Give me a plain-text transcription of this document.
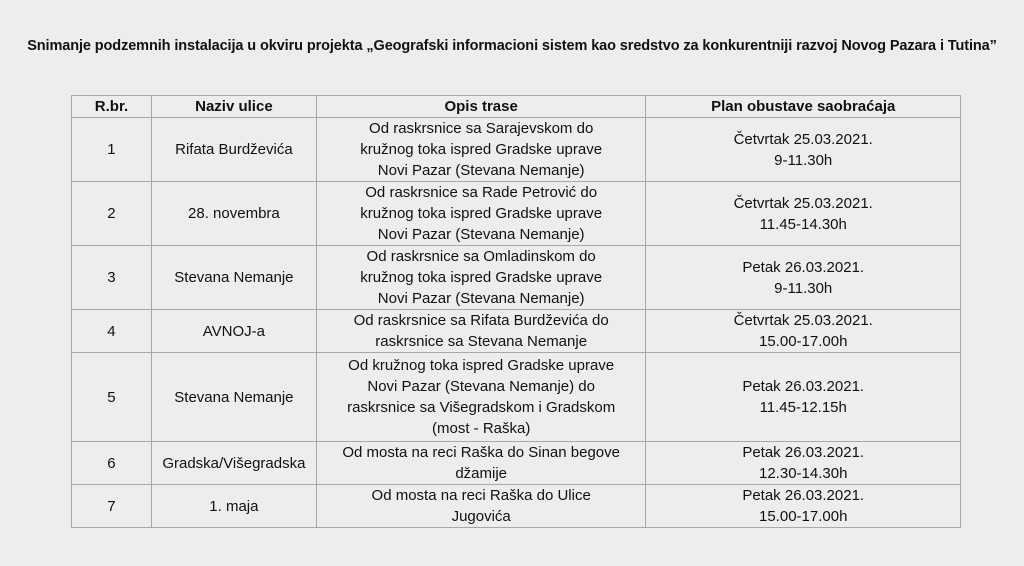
Snimanje podzemnih instalacija u okviru projekta „Geografski informacioni sistem kao sredstvo za konkurentniji razvoj Novog Pazara i Tutina”
R.br.	Naziv ulice	Opis trase	Plan obustave saobraćaja
1	Rifata Burdževića	Od raskrsnice sa Sarajevskom do
kružnog toka ispred Gradske uprave
Novi Pazar (Stevana Nemanje)	Četvrtak 25.03.2021.
9-11.30h

2	28. novembra	Od raskrsnice sa Rade Petrović do
kružnog toka ispred Gradske uprave
Novi Pazar (Stevana Nemanje)	Četvrtak 25.03.2021.
11.45-14.30h

3	Stevana Nemanje	Od raskrsnice sa Omladinskom do
kružnog toka ispred Gradske uprave
Novi Pazar (Stevana Nemanje)	Petak 26.03.2021.
9-11.30h

4	AVNOJ-a	Od raskrsnice sa Rifata Burdževića do
raskrsnice sa Stevana Nemanje	Četvrtak 25.03.2021.
15.00-17.00h

5	Stevana Nemanje	Od kružnog toka ispred Gradske uprave
Novi Pazar (Stevana Nemanje) do
raskrsnice sa Višegradskom i Gradskom
(most - Raška)	Petak 26.03.2021.
11.45-12.15h

6	Gradska/Višegradska	Od mosta na reci Raška do Sinan begove
džamije	Petak 26.03.2021.
12.30-14.30h

7	1. maja	Od mosta na reci Raška do Ulice
Jugovića	Petak 26.03.2021.
15.00-17.00h
